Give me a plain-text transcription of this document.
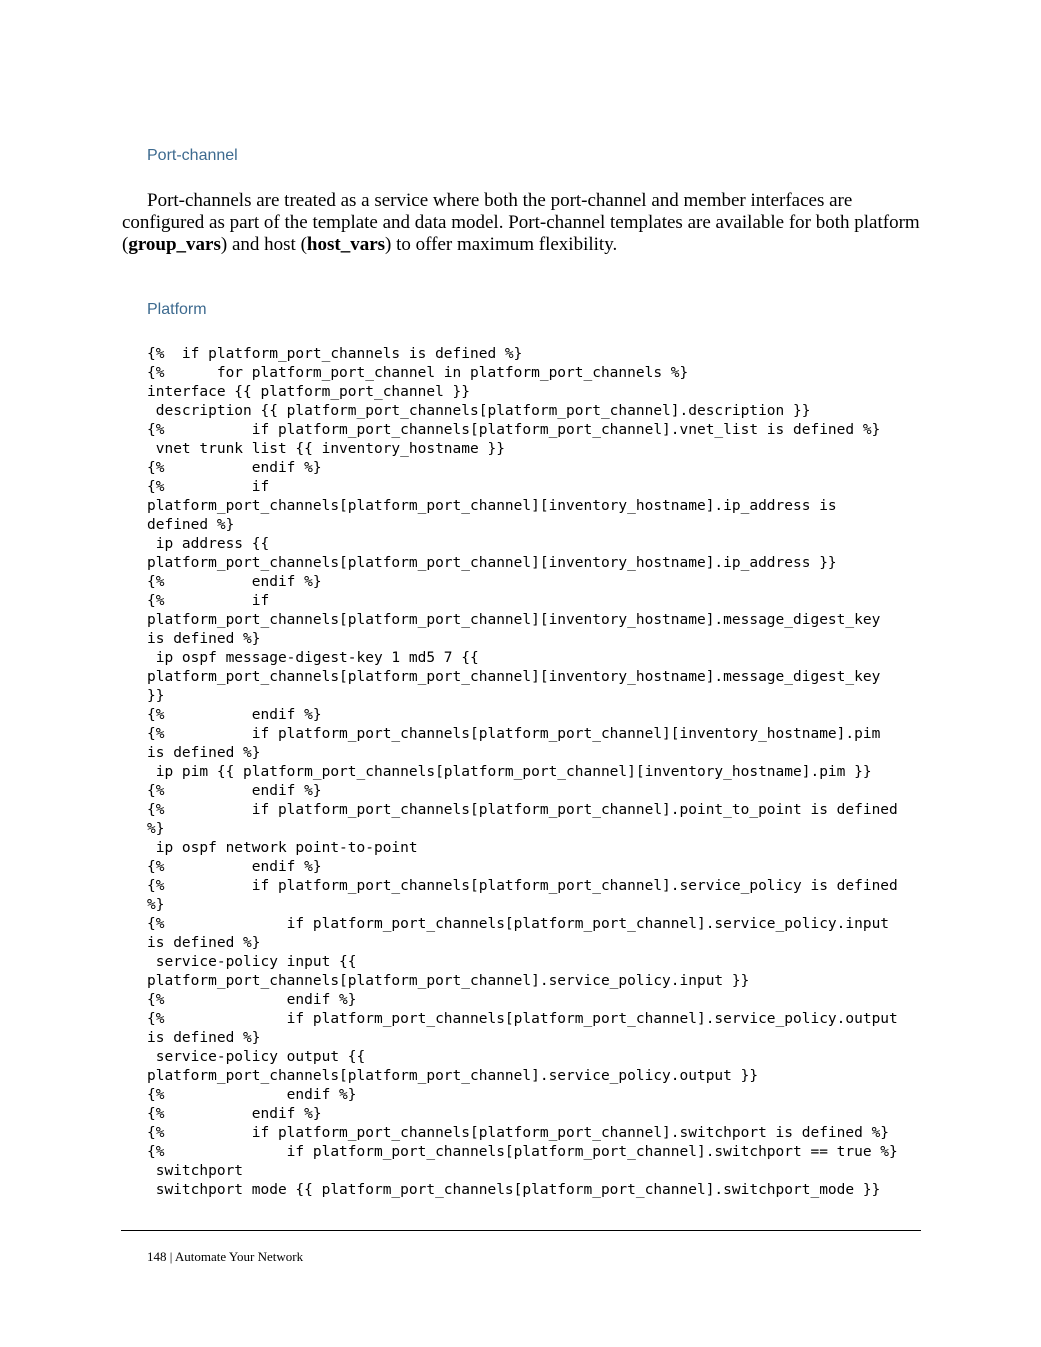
Port-channel

Port-channels are treated as a service where both the port-channel and member interfaces are configured as part of the template and data model. Port-channel templates are available for both platform (group_vars) and host (host_vars) to offer maximum flexibility.

Platform
{%  if platform_port_channels is defined %}
{%      for platform_port_channel in platform_port_channels %}
interface {{ platform_port_channel }}
description {{ platform_port_channels[platform_port_channel].description }}
{%          if platform_port_channels[platform_port_channel].vnet_list is defined %}
vnet trunk list {{ inventory_hostname }}
{%          endif %}
{%          if
platform_port_channels[platform_port_channel][inventory_hostname].ip_address is
defined %}
ip address {{
platform_port_channels[platform_port_channel][inventory_hostname].ip_address }}
{%          endif %}
{%          if
platform_port_channels[platform_port_channel][inventory_hostname].message_digest_key
is defined %}
ip ospf message-digest-key 1 md5 7 {{
platform_port_channels[platform_port_channel][inventory_hostname].message_digest_key
}}
{%          endif %}
{%          if platform_port_channels[platform_port_channel][inventory_hostname].pim
is defined %}
ip pim {{ platform_port_channels[platform_port_channel][inventory_hostname].pim }}
{%          endif %}
{%          if platform_port_channels[platform_port_channel].point_to_point is defined
%}
ip ospf network point-to-point
{%          endif %}
{%          if platform_port_channels[platform_port_channel].service_policy is defined
%}
{%              if platform_port_channels[platform_port_channel].service_policy.input
is defined %}
service-policy input {{
platform_port_channels[platform_port_channel].service_policy.input }}
{%              endif %}
{%              if platform_port_channels[platform_port_channel].service_policy.output
is defined %}
service-policy output {{
platform_port_channels[platform_port_channel].service_policy.output }}
{%              endif %}
{%          endif %}
{%          if platform_port_channels[platform_port_channel].switchport is defined %}
{%              if platform_port_channels[platform_port_channel].switchport == true %}
switchport
switchport mode {{ platform_port_channels[platform_port_channel].switchport_mode }}
148 | Automate Your Network
